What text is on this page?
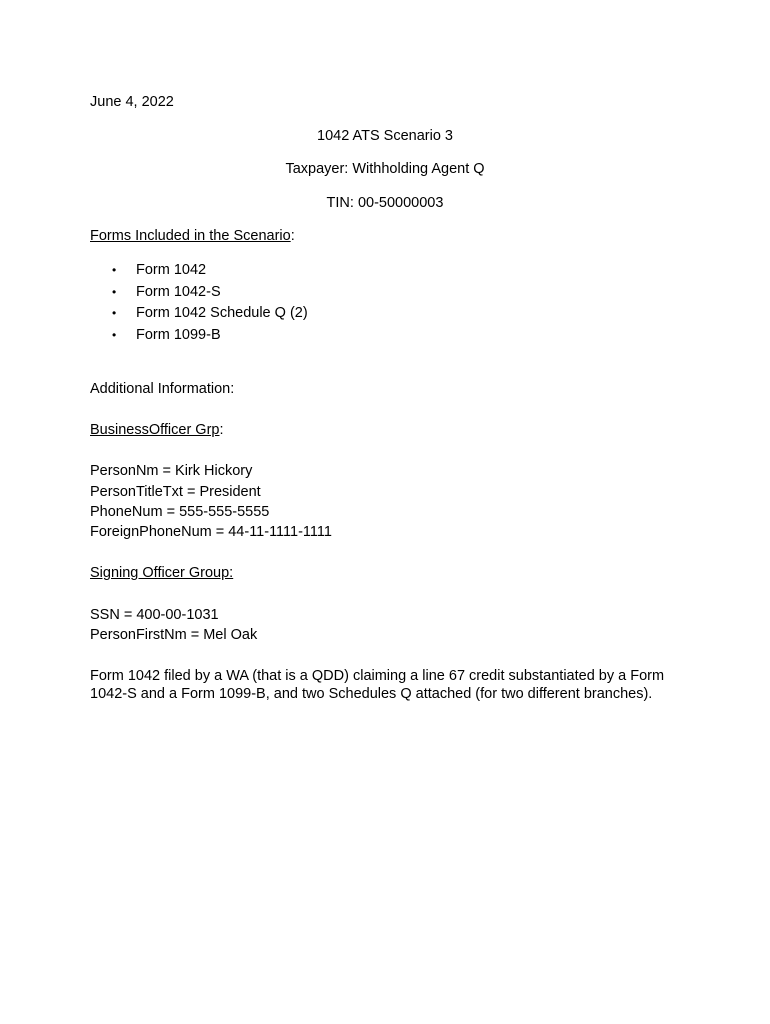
June 4, 2022
1042 ATS Scenario 3
Taxpayer: Withholding Agent Q
TIN: 00-50000003
Forms Included in the Scenario:
• Form 1042
• Form 1042-S
• Form 1042 Schedule Q (2)
• Form 1099-B
Additional Information:
BusinessOfficer Grp:
PersonNm = Kirk Hickory
PersonTitleTxt = President
PhoneNum = 555-555-5555
ForeignPhoneNum = 44-11-1111-1111
Signing Officer Group:
SSN = 400-00-1031
PersonFirstNm = Mel Oak
Form 1042 filed by a WA (that is a QDD) claiming a line 67 credit substantiated by a Form 1042-S and a Form 1099-B, and two Schedules Q attached (for two different branches).
